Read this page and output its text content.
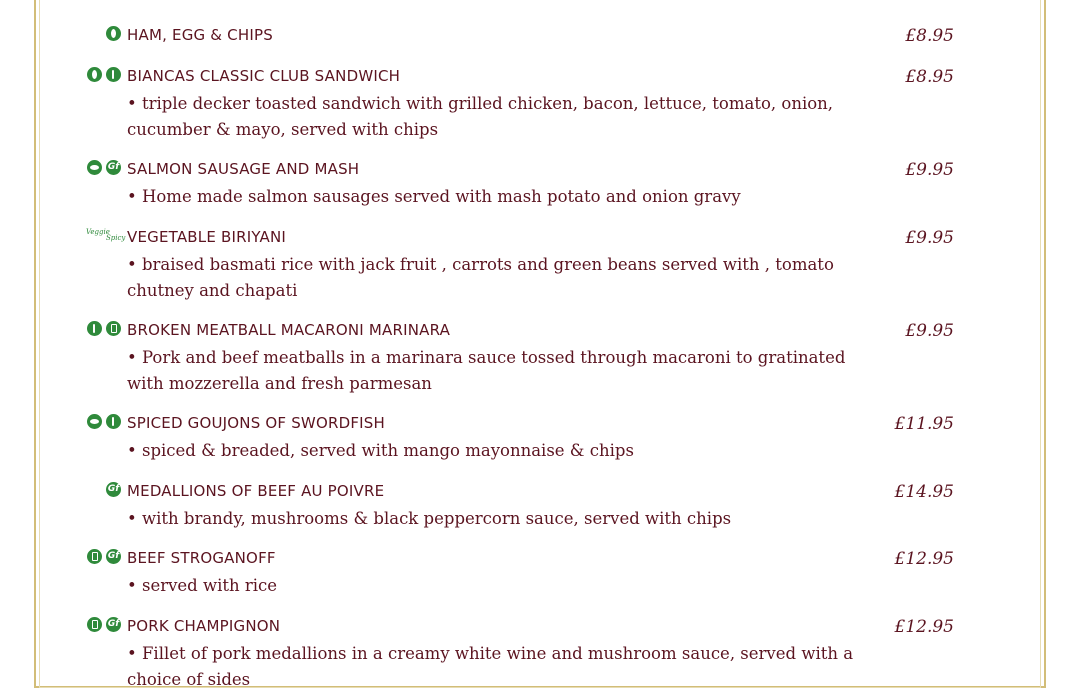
HAM, EGG & CHIPS	£8.95
BIANCAS CLASSIC CLUB SANDWICH	£8.95
• triple decker toasted sandwich with grilled chicken, bacon, lettuce, tomato, onion, cucumber & mayo, served with chips
Gf SALMON SAUSAGE AND MASH	£9.95
• Home made salmon sausages served with mash potato and onion gravy
Veggie
Spicy VEGETABLE BIRIYANI	£9.95
• braised basmati rice with jack fruit , carrots and green beans served with , tomato chutney and chapati
BROKEN MEATBALL MACARONI MARINARA	£9.95
• Pork and beef meatballs in a marinara sauce tossed through macaroni to gratinated with mozzerella and fresh parmesan
SPICED GOUJONS OF SWORDFISH	£11.95
• spiced & breaded, served with mango mayonnaise & chips
Gf MEDALLIONS OF BEEF AU POIVRE	£14.95
• with brandy, mushrooms & black peppercorn sauce, served with chips
Gf BEEF STROGANOFF	£12.95
• served with rice
Gf PORK CHAMPIGNON	£12.95
• Fillet of pork medallions in a creamy white wine and mushroom sauce, served with a choice of sides
